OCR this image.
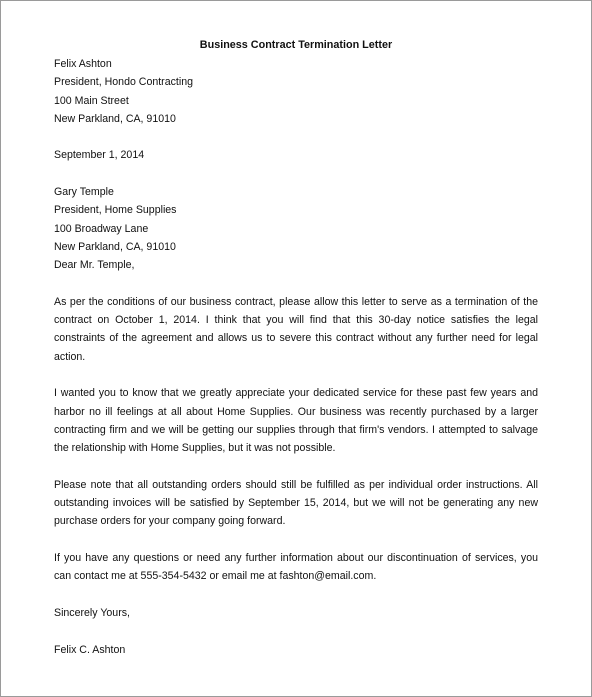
Business Contract Termination Letter
Felix Ashton
President, Hondo Contracting
100 Main Street
New Parkland, CA, 91010
September 1, 2014
Gary Temple
President, Home Supplies
100 Broadway Lane
New Parkland, CA, 91010
Dear Mr. Temple,

As per the conditions of our business contract, please allow this letter to serve as a termination of the contract on October 1, 2014. I think that you will find that this 30-day notice satisfies the legal constraints of the agreement and allows us to severe this contract without any further need for legal action.

I wanted you to know that we greatly appreciate your dedicated service for these past few years and harbor no ill feelings at all about Home Supplies. Our business was recently purchased by a larger contracting firm and we will be getting our supplies through that firm's vendors. I attempted to salvage the relationship with Home Supplies, but it was not possible.

Please note that all outstanding orders should still be fulfilled as per individual order instructions. All outstanding invoices will be satisfied by September 15, 2014, but we will not be generating any new purchase orders for your company going forward.

If you have any questions or need any further information about our discontinuation of services, you can contact me at 555-354-5432 or email me at fashton@email.com.

Sincerely Yours,
Felix C. Ashton
